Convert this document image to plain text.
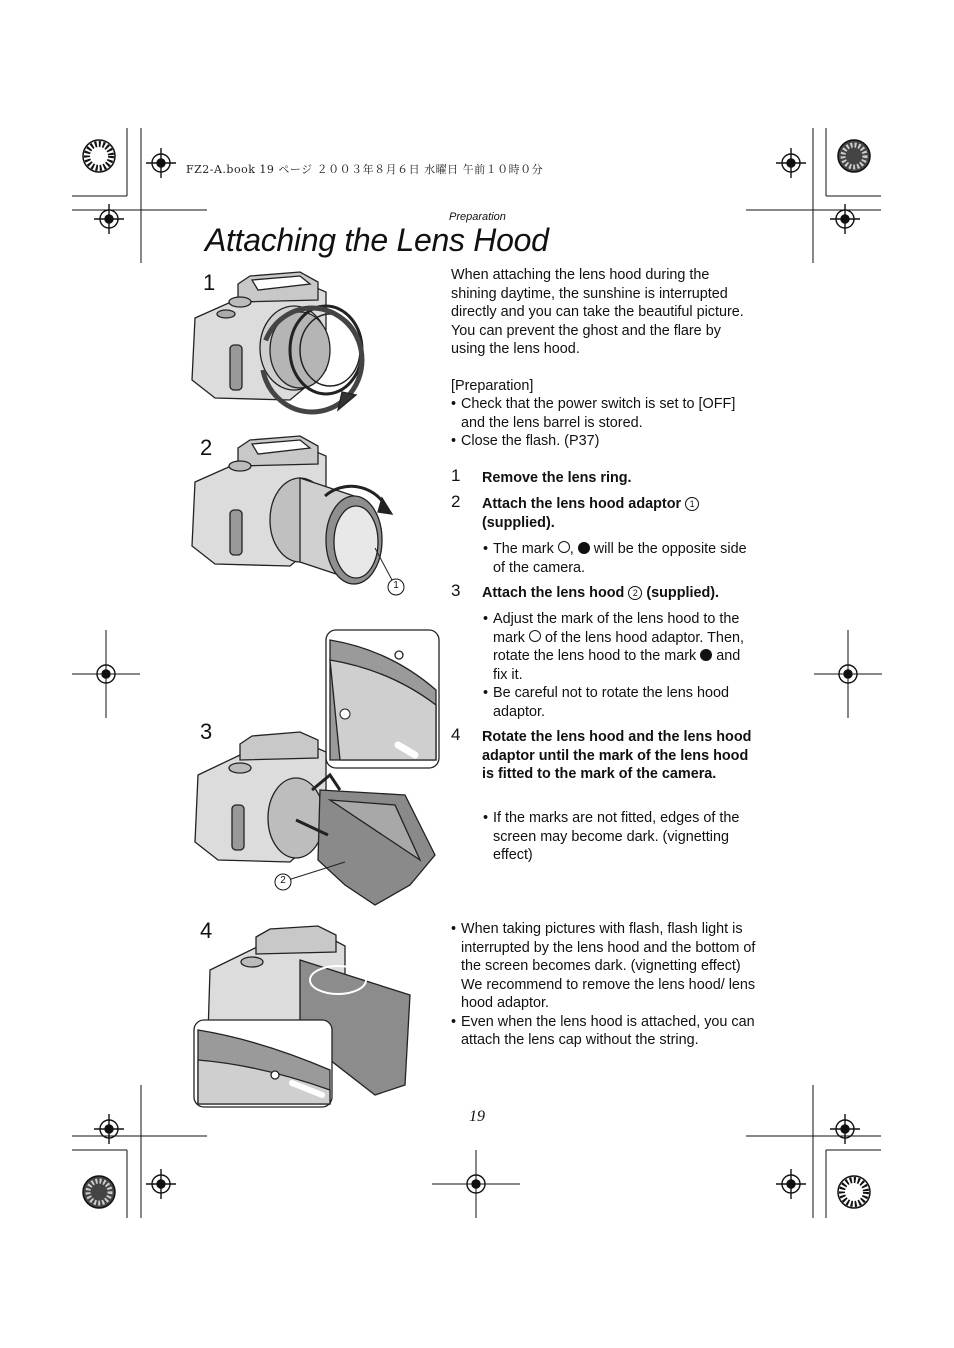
FZ2-A.book 19 ページ ２００３年８月６日 水曜日 午前１０時０分
Preparation
Attaching the Lens Hood
1
2
3
4
1
2
When attaching the lens hood during the shining daytime, the sunshine is interrupted directly and you can take the beautiful picture. You can prevent the ghost and the flare by using the lens hood.
[Preparation]
• Check that the power switch is set to [OFF] and the lens barrel is stored.
• Close the flash. (P37)
1	Remove the lens ring.
2	Attach the lens hood adaptor 1
(supplied).
• The mark , will be the opposite side of the camera.
3	Attach the lens hood 2 (supplied).
• Adjust the mark of the lens hood to the mark of the lens hood adaptor. Then, rotate the lens hood to the mark and fix it.
• Be careful not to rotate the lens hood adaptor.
4	Rotate the lens hood and the lens hood adaptor until the mark of the lens hood is fitted to the mark of the camera.
• If the marks are not fitted, edges of the screen may become dark. (vignetting effect)
• When taking pictures with flash, flash light is interrupted by the lens hood and the bottom of the screen becomes dark. (vignetting effect)
We recommend to remove the lens hood/ lens hood adaptor.
• Even when the lens hood is attached, you can attach the lens cap without the string.
19
